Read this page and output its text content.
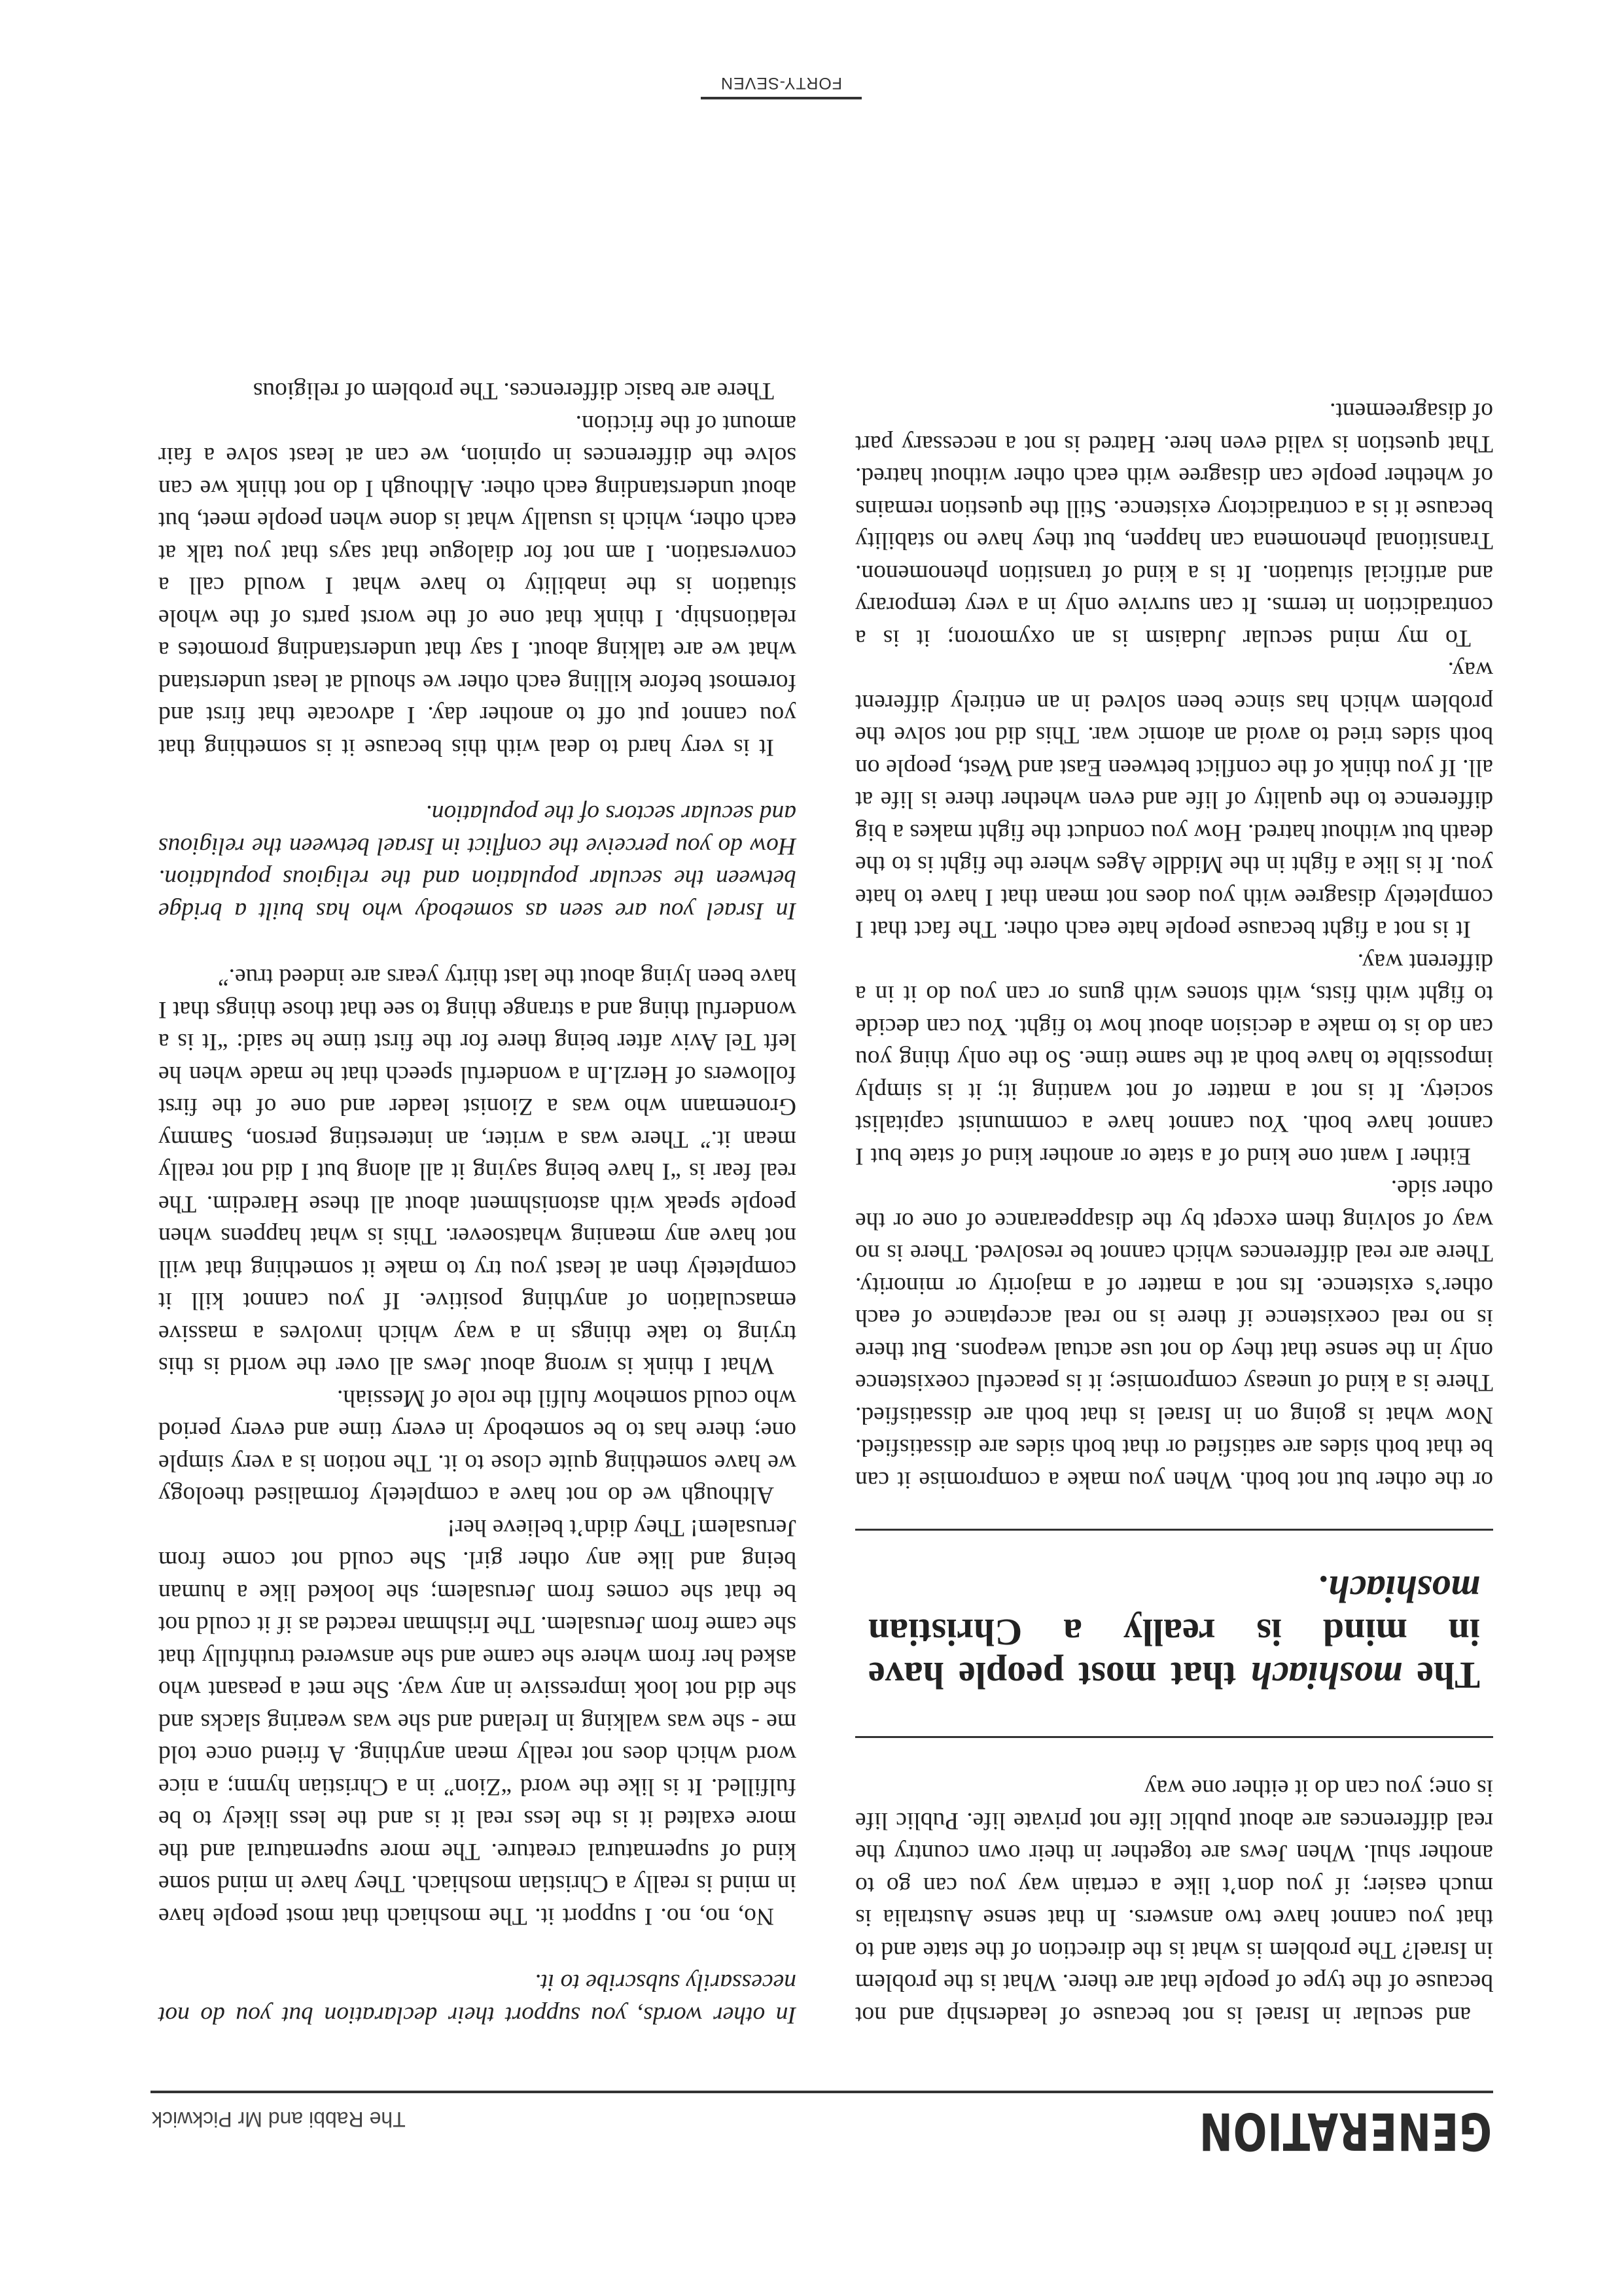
GENERATION
The Rabbi and Mr Pickwick

and secular in Israel is not because of leadership and not because of the type of people that are there. What is the problem in Israel? The problem is what is the direction of the state and to that you cannot have two answers. In that sense Australia is much easier; if you don’t like a certain way you can go to another shul. When Jews are together in their own country the real differences are about public life not private life. Public life is one; you can do it either one way

The moshiach that most people have in mind is really a Christian moshiach.

or the other but not both. When you make a compromise it can be that both sides are satisfied or that both sides are dissatisfied. Now what is going on in Israel is that both are dissatisfied. There is a kind of uneasy compromise; it is peaceful coexistence only in the sense that they do not use actual weapons. But there is no real coexistence if there is no real acceptance of each other’s existence. Its not a matter of a majority or minority. There are real differences which cannot be resolved. There is no way of solving them except by the disappearance of one or the other side.

Either I want one kind of a state or another kind of state but I cannot have both. You cannot have a communist capitalist society. It is not a matter of not wanting it; it is simply impossible to have both at the same time. So the only thing you can do is to make a decision about how to fight. You can decide to fight with fists, with stones with guns or can you do it in a different way.

It is not a fight because people hate each other. The fact that I completely disagree with you does not mean that I have to hate you. It is like a fight in the Middle Ages where the fight is to the death but without hatred. How you conduct the fight makes a big difference to the quality of life and even whether there is life at all. If you think of the conflict between East and West, people on both sides tried to avoid an atomic war. This did not solve the problem which has since been solved in an entirely different way.

To my mind secular Judaism is an oxymoron; it is a contradiction in terms. It can survive only in a very temporary and artificial situation. It is a kind of transition phenomenon. Transitional phenomena can happen, but they have no stability because it is a contradictory existence. Still the question remains of whether people can disagree with each other without hatred. That question is valid even here. Hatred is not a necessary part of disagreement.

In other words, you support their declaration but you do not necessarily subscribe to it.

No, no, no. I support it. The moshiach that most people have in mind is really a Christian moshiach. They have in mind some kind of supernatural creature. The more supernatural and the more exalted it is the less real it is and the less likely to be fulfilled. It is like the word “Zion” in a Christian hymn; a nice word which does not really mean anything. A friend once told me - she was walking in Ireland and she was wearing slacks and she did not look impressive in any way. She met a peasant who asked her from where she came and she answered truthfully that she came from Jerusalem. The Irishman reacted as if it could not be that she comes from Jerusalem; she looked like a human being and like any other girl. She could not come from Jerusalem! They didn’t believe her!

Although we do not have a completely formalised theology we have something quite close to it. The notion is a very simple one; there has to be somebody in every time and every period who could somehow fulfil the role of Messiah.

What I think is wrong about Jews all over the world is this trying to take things in a way which involves a massive emasculation of anything positive. If you cannot kill it completely then at least you try to make it something that will not have any meaning whatsoever. This is what happens when people speak with astonishment about all these Haredim. The real fear is “I have being saying it all along but I did not really mean it.” There was a writer, an interesting person, Sammy Gronemann who was a Zionist leader and one of the first followers of Herzl.In a wonderful speech that he made when he left Tel Aviv after being there for the first time he said: “It is a wonderful thing and a strange thing to see that those things that I have been lying about the last thirty years are indeed true.”

In Israel you are seen as somebody who has built a bridge between the secular population and the religious population. How do you perceive the conflict in Israel between the religious and secular sectors of the population.

It is very hard to deal with this because it is something that you cannot put off to another day. I advocate that first and foremost before killing each other we should at least understand what we are talking about. I say that understanding promotes a relationship. I think that one of the worst parts of the whole situation is the inability to have what I would call a conversation. I am not for dialogue that says that you talk at each other, which is usually what is done when people meet, but about understanding each other. Although I do not think we can solve the differences in opinion, we can at least solve a fair amount of the friction.

There are basic differences. The problem of religious

FORTY-SEVEN
